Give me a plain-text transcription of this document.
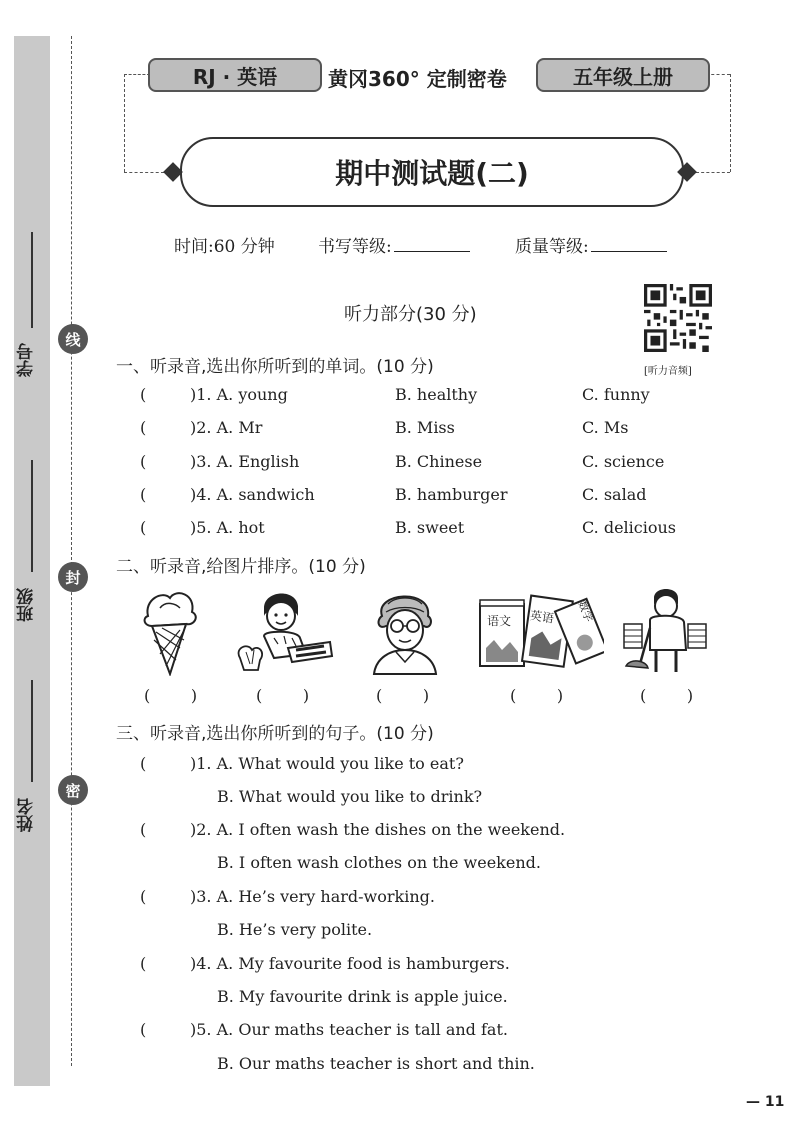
学号
班级
姓名
线
封
密
RJ · 英语	黄冈360° 定制密卷	五年级上册
期中测试题(二)
时间:60 分钟	书写等级:	质量等级:
听力部分(30 分)
[听力音频]
一、听录音,选出你所听到的单词。(10 分)
(	)1. A. young	B. healthy	C. funny
(	)2. A. Mr	B. Miss	C. Ms
(	)3. A. English	B. Chinese	C. science
(	)4. A. sandwich	B. hamburger	C. salad
(	)5. A. hot	B. sweet	C. delicious
二、听录音,给图片排序。(10 分)
语文 英语 数学
(        )	(        )	(        )	(        )	(        )
三、听录音,选出你所听到的句子。(10 分)
(	)1. A. What would you like to eat?
B. What would you like to drink?
(	)2. A. I often wash the dishes on the weekend.
B. I often wash clothes on the weekend.
(	)3. A. He’s very hard-working.
B. He’s very polite.
(	)4. A. My favourite food is hamburgers.
B. My favourite drink is apple juice.
(	)5. A. Our maths teacher is tall and fat.
B. Our maths teacher is short and thin.
— 11
